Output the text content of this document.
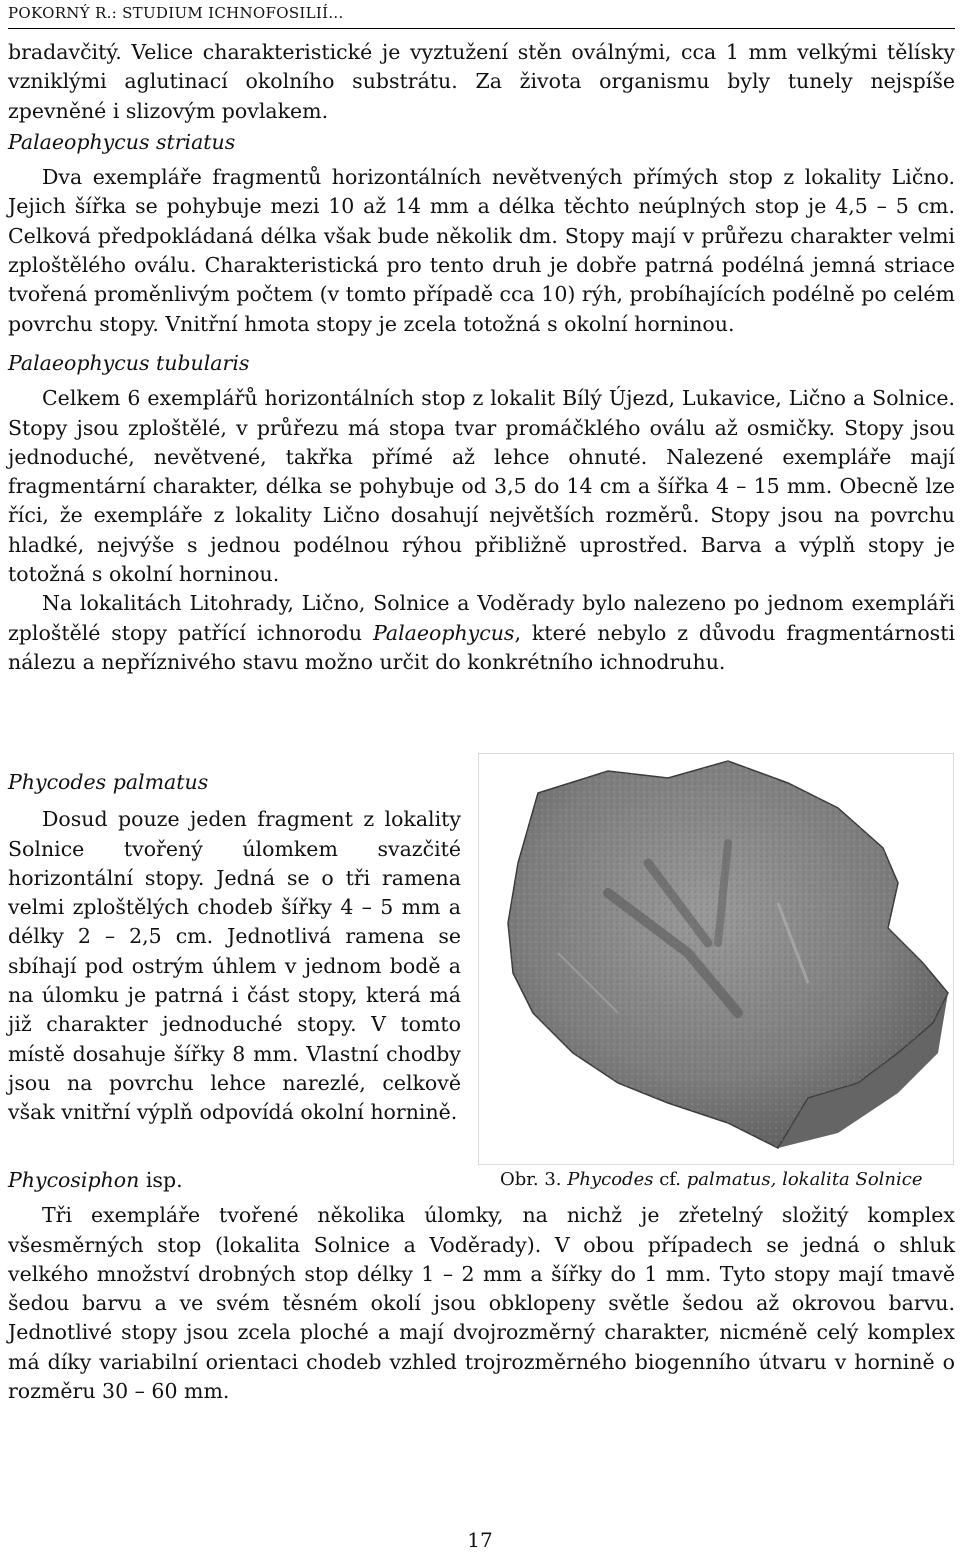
POKORNÝ R.: STUDIUM ICHNOFOSILIÍ...

bradavčitý. Velice charakteristické je vyztužení stěn oválnými, cca 1 mm velkými tělísky vzniklými aglutinací okolního substrátu. Za života organismu byly tunely nejspíše zpevněné i slizovým povlakem.

Palaeophycus striatus

Dva exempláře fragmentů horizontálních nevětvených přímých stop z lokality Lično. Jejich šířka se pohybuje mezi 10 až 14 mm a délka těchto neúplných stop je 4,5 – 5 cm. Celková předpokládaná délka však bude několik dm. Stopy mají v průřezu charakter velmi zploštělého oválu. Charakteristická pro tento druh je dobře patrná podélná jemná striace tvořená proměnlivým počtem (v tomto případě cca 10) rýh, probíhajících podélně po celém povrchu stopy. Vnitřní hmota stopy je zcela totožná s okolní horninou.

Palaeophycus tubularis

Celkem 6 exemplářů horizontálních stop z lokalit Bílý Újezd, Lukavice, Lično a Solnice. Stopy jsou zploštělé, v průřezu má stopa tvar promáčklého oválu až osmičky. Stopy jsou jednoduché, nevětvené, takřka přímé až lehce ohnuté. Nalezené exempláře mají fragmentární charakter, délka se pohybuje od 3,5 do 14 cm a šířka 4 – 15 mm. Obecně lze říci, že exempláře z lokality Lično dosahují největších rozměrů. Stopy jsou na povrchu hladké, nejvýše s jednou podélnou rýhou přibližně uprostřed. Barva a výplň stopy je totožná s okolní horninou.

Na lokalitách Litohrady, Lično, Solnice a Voděrady bylo nalezeno po jednom exempláři zploštělé stopy patřící ichnorodu Palaeophycus, které nebylo z důvodu fragmentárnosti nálezu a nepříznivého stavu možno určit do konkrétního ichnodruhu.

Phycodes palmatus

Dosud pouze jeden fragment z lokality Solnice tvořený úlomkem svazčité horizontální stopy. Jedná se o tři ramena velmi zploštělých chodeb šířky 4 – 5 mm a délky 2 – 2,5 cm. Jednotlivá ramena se sbíhají pod ostrým úhlem v jednom bodě a na úlomku je patrná i část stopy, která má již charakter jednoduché stopy. V tomto místě dosahuje šířky 8 mm. Vlastní chodby jsou na povrchu lehce narezlé, celkově však vnitřní výplň odpovídá okolní hornině.

Obr. 3. Phycodes cf. palmatus, lokalita Solnice

Phycosiphon isp.

Tři exempláře tvořené několika úlomky, na nichž je zřetelný složitý komplex všesměrných stop (lokalita Solnice a Voděrady). V obou případech se jedná o shluk velkého množství drobných stop délky 1 – 2 mm a šířky do 1 mm. Tyto stopy mají tmavě šedou barvu a ve svém těsném okolí jsou obklopeny světle šedou až okrovou barvu. Jednotlivé stopy jsou zcela ploché a mají dvojrozměrný charakter, nicméně celý komplex má díky variabilní orientaci chodeb vzhled trojrozměrného biogenního útvaru v hornině o rozměru 30 – 60 mm.

17
